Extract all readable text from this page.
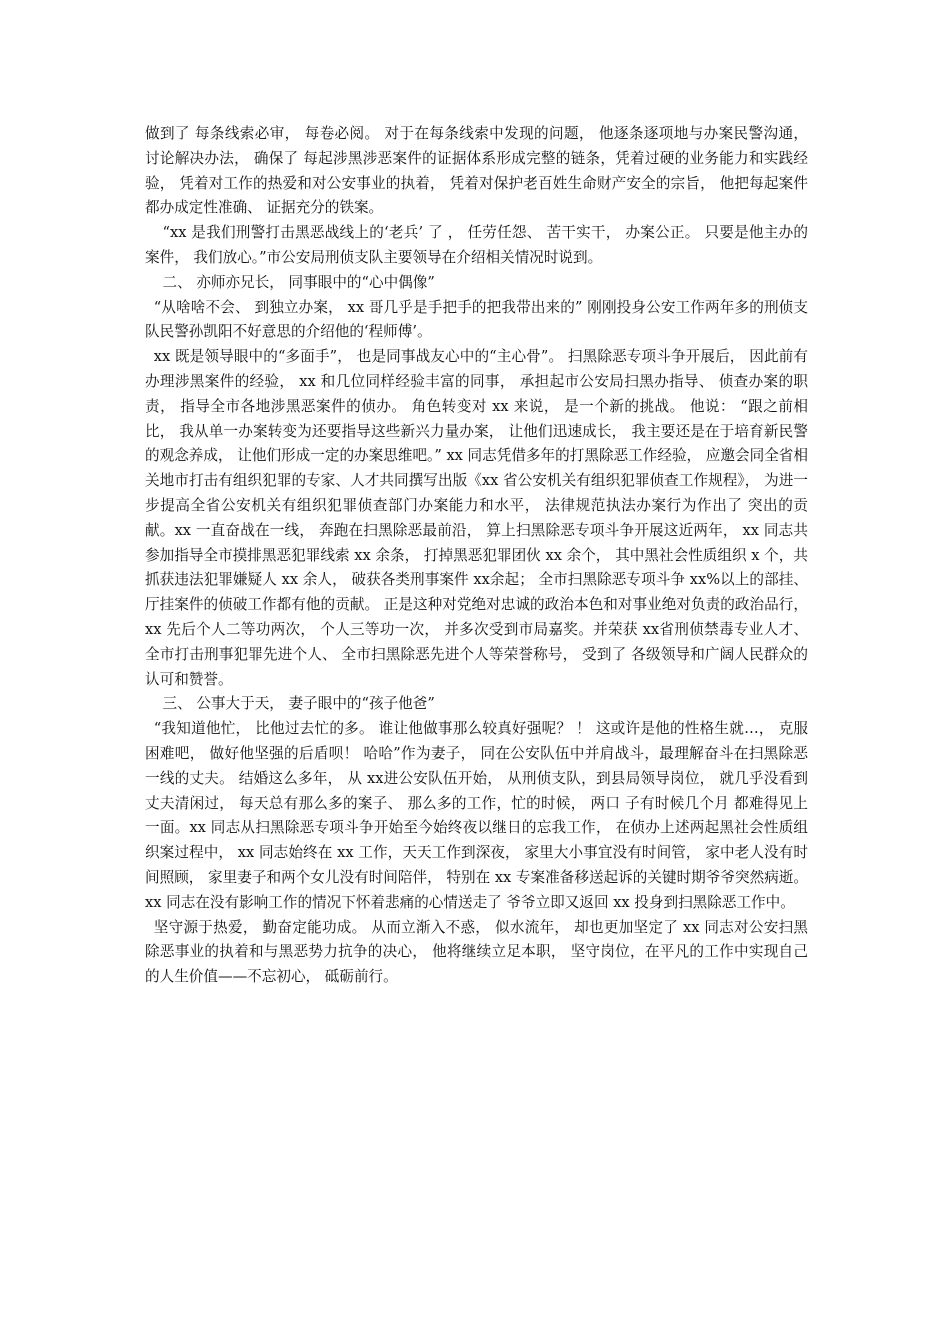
做到了 每条线索必审， 每卷必阅。 对于在每条线索中发现的问题， 他逐条逐项地与办案民警沟通， 讨论解决办法， 确保了 每起涉黑涉恶案件的证据体系形成完整的链条，凭着过硬的业务能力和实践经验， 凭着对工作的热爱和对公安事业的执着， 凭着对保护老百姓生命财产安全的宗旨， 他把每起案件都办成定性准确、 证据充分的铁案。

“xx 是我们刑警打击黑恶战线上的‘老兵’ 了 ， 任劳任怨、 苦干实干， 办案公正。 只要是他主办的案件， 我们放心。”市公安局刑侦支队主要领导在介绍相关情况时说到。

二、 亦师亦兄长， 同事眼中的“心中偶像”

“从啥啥不会、 到独立办案， xx 哥几乎是手把手的把我带出来的” 刚刚投身公安工作两年多的刑侦支队民警孙凯阳不好意思的介绍他的‘程师傅’。

xx 既是领导眼中的“多面手”， 也是同事战友心中的“主心骨”。 扫黑除恶专项斗争开展后， 因此前有办理涉黑案件的经验， xx 和几位同样经验丰富的同事， 承担起市公安局扫黑办指导、 侦查办案的职责， 指导全市各地涉黑恶案件的侦办。 角色转变对 xx 来说， 是一个新的挑战。 他说： “跟之前相比， 我从单一办案转变为还要指导这些新兴力量办案， 让他们迅速成长， 我主要还是在于培育新民警的观念养成， 让他们形成一定的办案思维吧。” xx 同志凭借多年的打黑除恶工作经验， 应邀会同全省相关地市打击有组织犯罪的专家、人才共同撰写出版《xx 省公安机关有组织犯罪侦查工作规程》， 为进一步提高全省公安机关有组织犯罪侦查部门办案能力和水平， 法律规范执法办案行为作出了 突出的贡献。xx 一直奋战在一线， 奔跑在扫黑除恶最前沿， 算上扫黑除恶专项斗争开展这近两年， xx 同志共参加指导全市摸排黑恶犯罪线索 xx 余条， 打掉黑恶犯罪团伙 xx 余个， 其中黑社会性质组织 x 个，共抓获违法犯罪嫌疑人 xx 余人， 破获各类刑事案件 xx余起； 全市扫黑除恶专项斗争 xx%以上的部挂、厅挂案件的侦破工作都有他的贡献。 正是这种对党绝对忠诚的政治本色和对事业绝对负责的政治品行， xx 先后个人二等功两次， 个人三等功一次， 并多次受到市局嘉奖。并荣获 xx省刑侦禁毒专业人才、 全市打击刑事犯罪先进个人、 全市扫黑除恶先进个人等荣誉称号， 受到了 各级领导和广阔人民群众的认可和赞誉。

三、 公事大于天， 妻子眼中的“孩子他爸”

“我知道他忙， 比他过去忙的多。 谁让他做事那么较真好强呢？ ！ 这或许是他的性格生就…， 克服困难吧， 做好他坚强的后盾呗！ 哈哈”作为妻子， 同在公安队伍中并肩战斗，最理解奋斗在扫黑除恶一线的丈夫。 结婚这么多年， 从 xx进公安队伍开始， 从刑侦支队，到县局领导岗位， 就几乎没看到丈夫清闲过， 每天总有那么多的案子、 那么多的工作，忙的时候， 两口 子有时候几个月 都难得见上一面。xx 同志从扫黑除恶专项斗争开始至今始终夜以继日的忘我工作， 在侦办上述两起黑社会性质组织案过程中， xx 同志始终在 xx 工作，天天工作到深夜， 家里大小事宜没有时间管， 家中老人没有时间照顾， 家里妻子和两个女儿没有时间陪伴， 特别在 xx 专案准备移送起诉的关键时期爷爷突然病逝。 xx 同志在没有影响工作的情况下怀着悲痛的心情送走了 爷爷立即又返回 xx 投身到扫黑除恶工作中。

坚守源于热爱， 勤奋定能功成。 从而立渐入不惑， 似水流年， 却也更加坚定了 xx 同志对公安扫黑除恶事业的执着和与黑恶势力抗争的决心， 他将继续立足本职， 坚守岗位，在平凡的工作中实现自己的人生价值——不忘初心， 砥砺前行。
